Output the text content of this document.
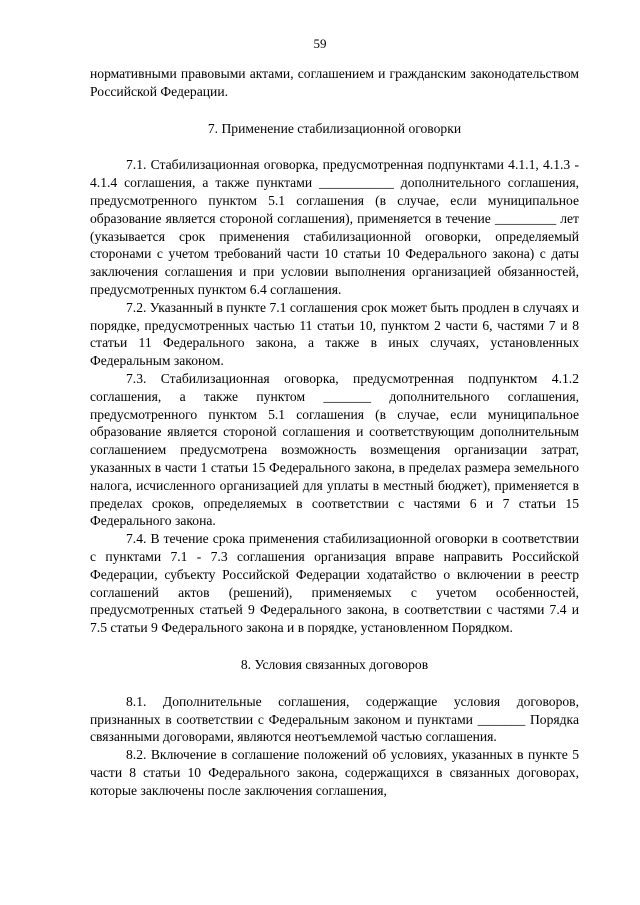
59

нормативными правовыми актами, соглашением и гражданским законодательством Российской Федерации.

7. Применение стабилизационной оговорки

7.1. Стабилизационная оговорка, предусмотренная подпунктами 4.1.1, 4.1.3 - 4.1.4 соглашения, а также пунктами ___________ дополнительного соглашения, предусмотренного пунктом 5.1 соглашения (в случае, если муниципальное образование является стороной соглашения), применяется в течение _________ лет (указывается срок применения стабилизационной оговорки, определяемый сторонами с учетом требований части 10 статьи 10 Федерального закона) с даты заключения соглашения и при условии выполнения организацией обязанностей, предусмотренных пунктом 6.4 соглашения.

7.2. Указанный в пункте 7.1 соглашения срок может быть продлен в случаях и порядке, предусмотренных частью 11 статьи 10, пунктом 2 части 6, частями 7 и 8 статьи 11 Федерального закона, а также в иных случаях, установленных Федеральным законом.

7.3. Стабилизационная оговорка, предусмотренная подпунктом 4.1.2 соглашения, а также пунктом _______ дополнительного соглашения, предусмотренного пунктом 5.1 соглашения (в случае, если муниципальное образование является стороной соглашения и соответствующим дополнительным соглашением предусмотрена возможность возмещения организации затрат, указанных в части 1 статьи 15 Федерального закона, в пределах размера земельного налога, исчисленного организацией для уплаты в местный бюджет), применяется в пределах сроков, определяемых в соответствии с частями 6 и 7 статьи 15 Федерального закона.

7.4. В течение срока применения стабилизационной оговорки в соответствии с пунктами 7.1 - 7.3 соглашения организация вправе направить Российской Федерации, субъекту Российской Федерации ходатайство о включении в реестр соглашений актов (решений), применяемых с учетом особенностей, предусмотренных статьей 9 Федерального закона, в соответствии с частями 7.4 и 7.5 статьи 9 Федерального закона и в порядке, установленном Порядком.

8. Условия связанных договоров

8.1. Дополнительные соглашения, содержащие условия договоров, признанных в соответствии с Федеральным законом и пунктами _______ Порядка связанными договорами, являются неотъемлемой частью соглашения.

8.2. Включение в соглашение положений об условиях, указанных в пункте 5 части 8 статьи 10 Федерального закона, содержащихся в связанных договорах, которые заключены после заключения соглашения,
